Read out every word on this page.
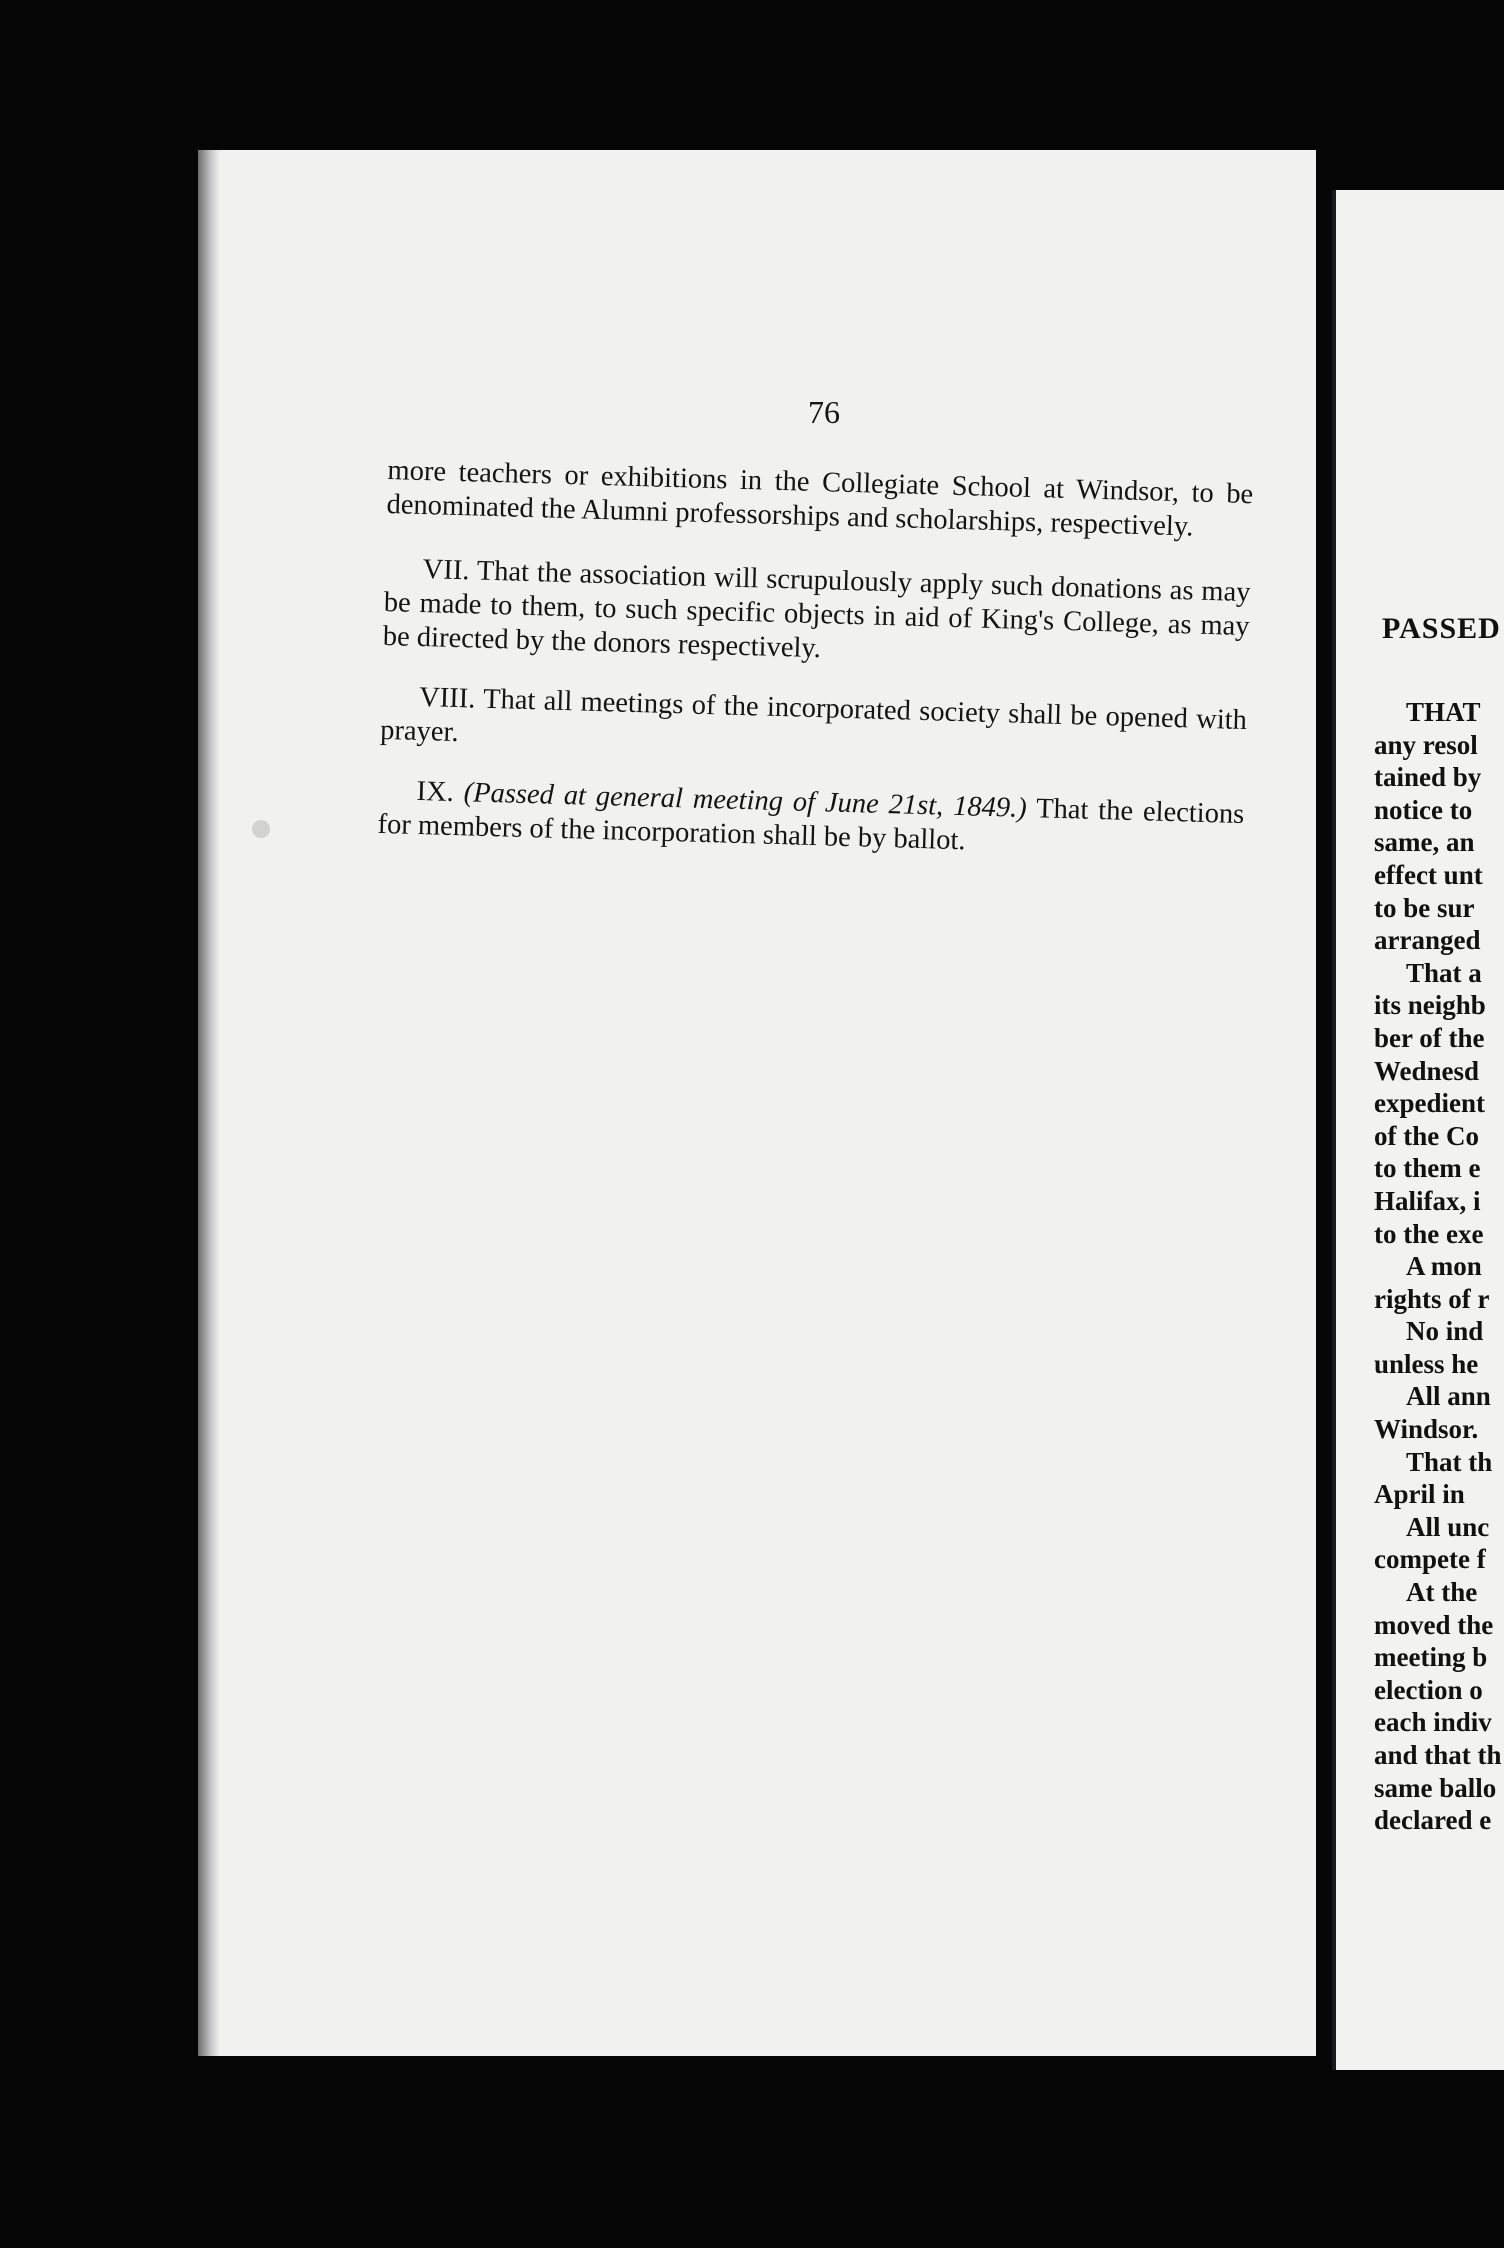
76

more teachers or exhibitions in the Collegiate School at Windsor, to be denominated the Alumni professorships and scholarships, respectively.

VII. That the association will scrupulously apply such donations as may be made to them, to such specific objects in aid of King's College, as may be directed by the donors respectively.

VIII. That all meetings of the incorporated society shall be opened with prayer.

IX. (Passed at general meeting of June 21st, 1849.) That the elections for members of the incorporation shall be by ballot.

PASSED
THAT
any resol
tained by
notice to
same, an
effect unt
to be sur
arranged
That a
its neighb
ber of the
Wednesd
expedient
of the Co
to them e
Halifax, i
to the exe
A mon
rights of r
No ind
unless he
All ann
Windsor.
That th
April in
All unc
compete f
At the
moved the
meeting b
election o
each indiv
and that th
same ballo
declared e
